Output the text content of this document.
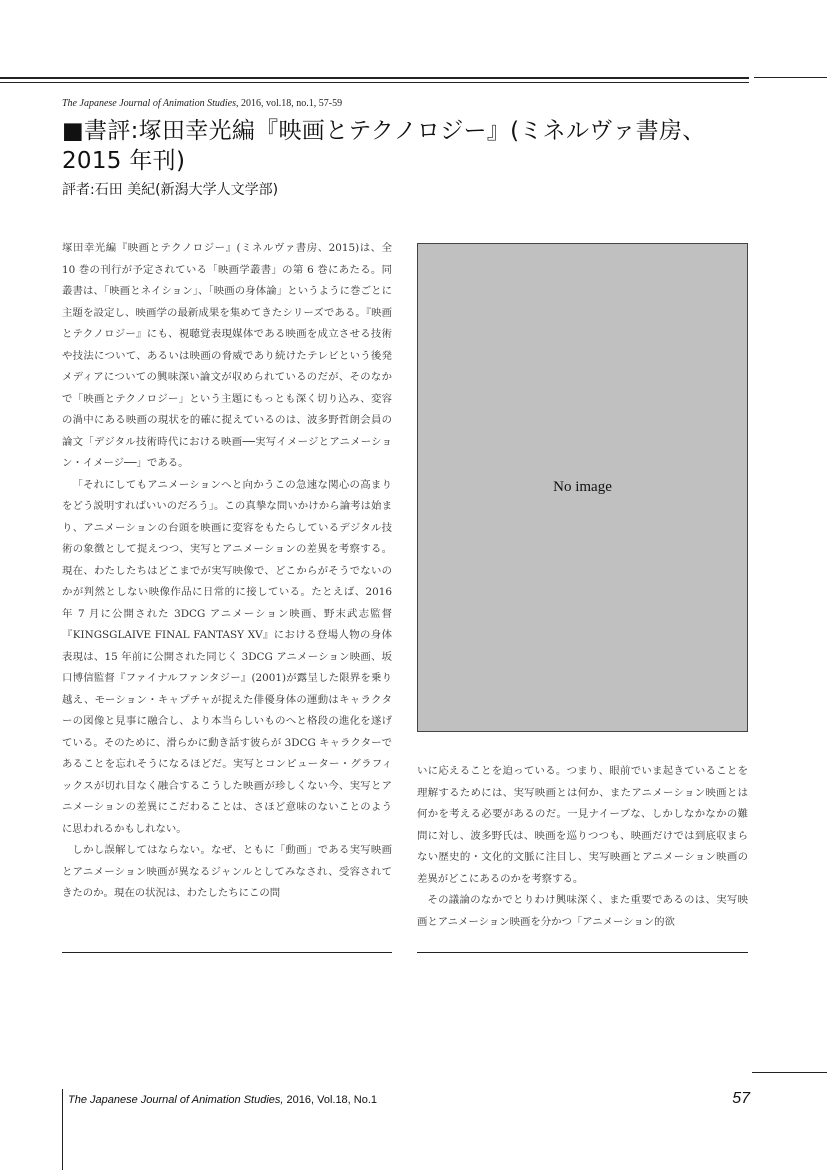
The Japanese Journal of Animation Studies, 2016, vol.18, no.1, 57-59
■書評:塚田幸光編『映画とテクノロジー』(ミネルヴァ書房、2015 年刊)
評者:石田 美紀(新潟大学人文学部)

塚田幸光編『映画とテクノロジー』(ミネルヴァ書房、2015)は、全 10 巻の刊行が予定されている「映画学叢書」の第 6 巻にあたる。同叢書は、「映画とネイション」、「映画の身体論」というように巻ごとに主題を設定し、映画学の最新成果を集めてきたシリーズである。『映画とテクノロジー』にも、視聴覚表現媒体である映画を成立させる技術や技法について、あるいは映画の脅威であり続けたテレビという後発メディアについての興味深い論文が収められているのだが、そのなかで「映画とテクノロジー」という主題にもっとも深く切り込み、変容の渦中にある映画の現状を的確に捉えているのは、波多野哲朗会員の論文「デジタル技術時代における映画──実写イメージとアニメーション・イメージ──」である。

「それにしてもアニメーションへと向かうこの急速な関心の高まりをどう説明すればいいのだろう」。この真摯な問いかけから論考は始まり、アニメーションの台頭を映画に変容をもたらしているデジタル技術の象徴として捉えつつ、実写とアニメーションの差異を考察する。現在、わたしたちはどこまでが実写映像で、どこからがそうでないのかが判然としない映像作品に日常的に接している。たとえば、2016 年 7 月に公開された 3DCG アニメーション映画、野末武志監督『KINGSGLAIVE FINAL FANTASY XV』における登場人物の身体表現は、15 年前に公開された同じく 3DCG アニメーション映画、坂口博信監督『ファイナルファンタジー』(2001)が露呈した限界を乗り越え、モーション・キャプチャが捉えた俳優身体の運動はキャラクターの図像と見事に融合し、より本当らしいものへと格段の進化を遂げている。そのために、滑らかに動き話す彼らが 3DCG キャラクターであることを忘れそうになるほどだ。実写とコンピューター・グラフィックスが切れ目なく融合するこうした映画が珍しくない今、実写とアニメーションの差異にこだわることは、さほど意味のないことのように思われるかもしれない。

しかし誤解してはならない。なぜ、ともに「動画」である実写映画とアニメーション映画が異なるジャンルとしてみなされ、受容されてきたのか。現在の状況は、わたしたちにこの問

No image

いに応えることを迫っている。つまり、眼前でいま起きていることを理解するためには、実写映画とは何か、またアニメーション映画とは何かを考える必要があるのだ。一見ナイーブな、しかしなかなかの難問に対し、波多野氏は、映画を巡りつつも、映画だけでは到底収まらない歴史的・文化的文脈に注目し、実写映画とアニメーション映画の差異がどこにあるのかを考察する。

その議論のなかでとりわけ興味深く、また重要であるのは、実写映画とアニメーション映画を分かつ「アニメーション的欲

The Japanese Journal of Animation Studies, 2016, Vol.18, No.1	57
